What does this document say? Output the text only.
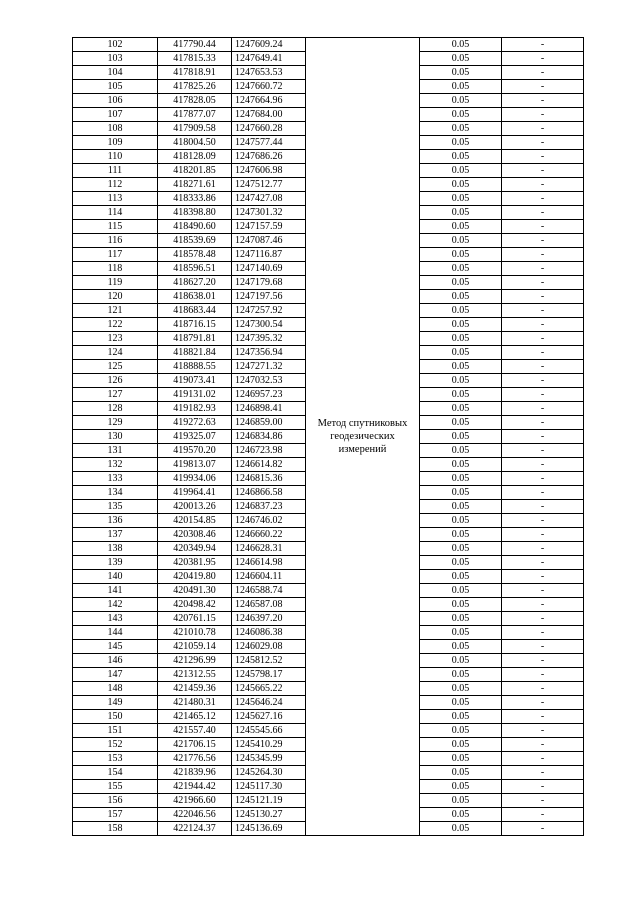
102	417790.44	1247609.24	Метод спутниковых геодезических измерений	0.05	-
103	417815.33	1247649.41		0.05	-
104	417818.91	1247653.53		0.05	-
105	417825.26	1247660.72		0.05	-
106	417828.05	1247664.96		0.05	-
107	417877.07	1247684.00		0.05	-
108	417909.58	1247660.28		0.05	-
109	418004.50	1247577.44		0.05	-
110	418128.09	1247686.26		0.05	-
111	418201.85	1247606.98		0.05	-
112	418271.61	1247512.77		0.05	-
113	418333.86	1247427.08		0.05	-
114	418398.80	1247301.32		0.05	-
115	418490.60	1247157.59		0.05	-
116	418539.69	1247087.46		0.05	-
117	418578.48	1247116.87		0.05	-
118	418596.51	1247140.69		0.05	-
119	418627.20	1247179.68		0.05	-
120	418638.01	1247197.56		0.05	-
121	418683.44	1247257.92		0.05	-
122	418716.15	1247300.54		0.05	-
123	418791.81	1247395.32		0.05	-
124	418821.84	1247356.94		0.05	-
125	418888.55	1247271.32		0.05	-
126	419073.41	1247032.53		0.05	-
127	419131.02	1246957.23		0.05	-
128	419182.93	1246898.41		0.05	-
129	419272.63	1246859.00		0.05	-
130	419325.07	1246834.86		0.05	-
131	419570.20	1246723.98		0.05	-
132	419813.07	1246614.82		0.05	-
133	419934.06	1246815.36		0.05	-
134	419964.41	1246866.58		0.05	-
135	420013.26	1246837.23		0.05	-
136	420154.85	1246746.02		0.05	-
137	420308.46	1246660.22		0.05	-
138	420349.94	1246628.31		0.05	-
139	420381.95	1246614.98		0.05	-
140	420419.80	1246604.11		0.05	-
141	420491.30	1246588.74		0.05	-
142	420498.42	1246587.08		0.05	-
143	420761.15	1246397.20		0.05	-
144	421010.78	1246086.38		0.05	-
145	421059.14	1246029.08		0.05	-
146	421296.99	1245812.52		0.05	-
147	421312.55	1245798.17		0.05	-
148	421459.36	1245665.22		0.05	-
149	421480.31	1245646.24		0.05	-
150	421465.12	1245627.16		0.05	-
151	421557.40	1245545.66		0.05	-
152	421706.15	1245410.29		0.05	-
153	421776.56	1245345.99		0.05	-
154	421839.96	1245264.30		0.05	-
155	421944.42	1245117.30		0.05	-
156	421966.60	1245121.19		0.05	-
157	422046.56	1245130.27		0.05	-
158	422124.37	1245136.69		0.05	-
